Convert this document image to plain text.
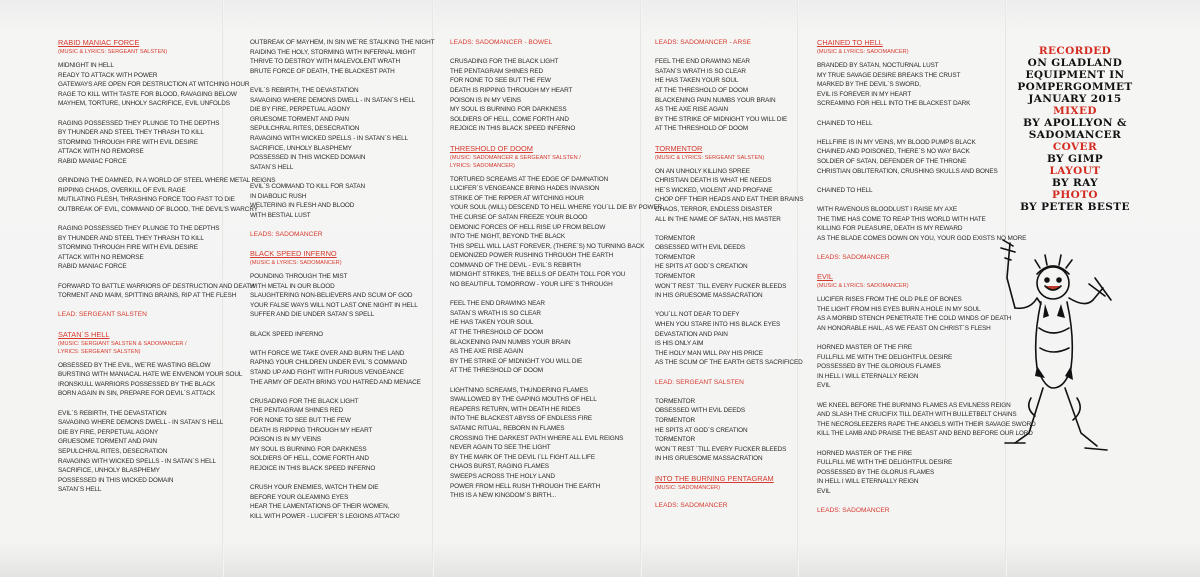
RABID MANIAC FORCE
(MUSIC & LYRICS: SERGEANT SALSTEN)
MIDNIGHT IN HELL
READY TO ATTACK WITH POWER
GATEWAYS ARE OPEN FOR DESTRUCTION AT WITCHING HOUR
RAGE TO KILL WITH TASTE FOR BLOOD, RAVAGING BELOW
MAYHEM, TORTURE, UNHOLY SACRIFICE, EVIL UNFOLDS
RAGING POSSESSED THEY PLUNGE TO THE DEPTHS
BY THUNDER AND STEEL THEY THRASH TO KILL
STORMING THROUGH FIRE WITH EVIL DESIRE
ATTACK WITH NO REMORSE
RABID MANIAC FORCE
GRINDING THE DAMNED, IN A WORLD OF STEEL WHERE METAL REIGNS
RIPPING CHAOS, OVERKILL OF EVIL RAGE
MUTILATING FLESH, THRASHING FORCE TOO FAST TO DIE
OUTBREAK OF EVIL, COMMAND OF BLOOD, THE DEVIL'S WARCRY
RAGING POSSESSED THEY PLUNGE TO THE DEPTHS
BY THUNDER AND STEEL THEY THRASH TO KILL
STORMING THROUGH FIRE WITH EVIL DESIRE
ATTACK WITH NO REMORSE
RABID MANIAC FORCE
FORWARD TO BATTLE WARRIORS OF DESTRUCTION AND DEATH
TORMENT AND MAIM, SPITTING BRAINS, RIP AT THE FLESH
LEAD: SERGEANT SALSTEN
SATAN´S HELL
(MUSIC: SERGIANT SALSTEN & SADOMANCER /
LYRICS: SERGEANT SALSTEN)
OBSESSED BY THE EVIL, WE´RE WASTING BELOW
BURSTING WITH MANIACAL HATE WE ENVENOM YOUR SOUL
IRONSKULL WARRIORS POSSESSED BY THE BLACK
BORN AGAIN IN SIN, PREPARE FOR DEVIL´S ATTACK
EVIL´S REBIRTH, THE DEVASTATION
SAVAGING WHERE DEMONS DWELL - IN SATAN´S HELL
DIE BY FIRE, PERPETUAL AGONY
GRUESOME TORMENT AND PAIN
SEPULCHRAL RITES, DESECRATION
RAVAGING WITH WICKED SPELLS - IN SATAN´S HELL
SACRIFICE, UNHOLY BLASPHEMY
POSSESSED IN THIS WICKED DOMAIN
SATAN´S HELL
OUTBREAK OF MAYHEM, IN SIN WE´RE STALKING THE NIGHT
RAIDING THE HOLY, STORMING WITH INFERNAL MIGHT
THRIVE TO DESTROY WITH MALEVOLENT WRATH
BRUTE FORCE OF DEATH, THE BLACKEST PATH
EVIL´S REBIRTH, THE DEVASTATION
SAVAGING WHERE DEMONS DWELL - IN SATAN´S HELL
DIE BY FIRE, PERPETUAL AGONY
GRUESOME TORMENT AND PAIN
SEPULCHRAL RITES, DESECRATION
RAVAGING WITH WICKED SPELLS - IN SATAN´S HELL
SACRIFICE, UNHOLY BLASPHEMY
POSSESSED IN THIS WICKED DOMAIN
SATAN´S HELL
EVIL´S COMMAND TO KILL FOR SATAN
IN DIABOLIC RUSH
WELTERING IN FLESH AND BLOOD
WITH BESTIAL LUST
LEADS: SADOMANCER
BLACK SPEED INFERNO
(MUSIC & LYRICS: SADOMANCER)
POUNDING THROUGH THE MIST
WITH METAL IN OUR BLOOD
SLAUGHTERING NON-BELIEVERS AND SCUM OF GOD
YOUR FALSE WAYS WILL NOT LAST ONE NIGHT IN HELL
SUFFER AND DIE UNDER SATAN´S SPELL
BLACK SPEED INFERNO
WITH FORCE WE TAKE OVER AND BURN THE LAND
RAPING YOUR CHILDREN UNDER EVIL´S COMMAND
STAND UP AND FIGHT WITH FURIOUS VENGEANCE
THE ARMY OF DEATH BRING YOU HATRED AND MENACE
CRUSADING FOR THE BLACK LIGHT
THE PENTAGRAM SHINES RED
FOR NONE TO SEE BUT THE FEW
DEATH IS RIPPING THROUGH MY HEART
POISON IS IN MY VEINS
MY SOUL IS BURNING FOR DARKNESS
SOLDIERS OF HELL, COME FORTH AND
REJOICE IN THIS BLACK SPEED INFERNO
CRUSH YOUR ENEMIES, WATCH THEM DIE
BEFORE YOUR GLEAMING EYES
HEAR THE LAMENTATIONS OF THEIR WOMEN,
KILL WITH POWER - LUCIFER´S LEGIONS ATTACK!
LEADS: SADOMANCER - BOWEL
CRUSADING FOR THE BLACK LIGHT
THE PENTAGRAM SHINES RED
FOR NONE TO SEE BUT THE FEW
DEATH IS RIPPING THROUGH MY HEART
POISON IS IN MY VEINS
MY SOUL IS BURNING FOR DARKNESS
SOLDIERS OF HELL, COME FORTH AND
REJOICE IN THIS BLACK SPEED INFERNO
THRESHOLD OF DOOM
(MUSIC: SADOMANCER & SERGEANT SALSTEN /
LYRICS: SADOMANCER)
TORTURED SCREAMS AT THE EDGE OF DAMNATION
LUCIFER´S VENGEANCE BRING HADES INVASION
STRIKE OF THE RIPPER AT WITCHING HOUR
YOUR SOUL (WILL) DESCEND TO HELL WHERE YOU´LL DIE BY POWER
THE CURSE OF SATAN FREEZE YOUR BLOOD
DEMONIC FORCES OF HELL RISE UP FROM BELOW
INTO THE NIGHT, BEYOND THE BLACK
THIS SPELL WILL LAST FOREVER, (THERE´S) NO TURNING BACK
DEMONIZED POWER RUSHING THROUGH THE EARTH
COMMAND OF THE DEVIL - EVIL´S REBIRTH
MIDNIGHT STRIKES, THE BELLS OF DEATH TOLL FOR YOU
NO BEAUTIFUL TOMORROW - YOUR LIFE´S THROUGH
FEEL THE END DRAWING NEAR
SATAN´S WRATH IS SO CLEAR
HE HAS TAKEN YOUR SOUL
AT THE THRESHOLD OF DOOM
BLACKENING PAIN NUMBS YOUR BRAIN
AS THE AXE RISE AGAIN
BY THE STRIKE OF MIDNIGHT YOU WILL DIE
AT THE THRESHOLD OF DOOM
LIGHTNING SCREAMS, THUNDERING FLAMES
SWALLOWED BY THE GAPING MOUTHS OF HELL
REAPERS RETURN, WITH DEATH HE RIDES
INTO THE BLACKEST ABYSS OF ENDLESS FIRE
SATANIC RITUAL, REBORN IN FLAMES
CROSSING THE DARKEST PATH WHERE ALL EVIL REIGNS
NEVER AGAIN TO SEE THE LIGHT
BY THE MARK OF THE DEVIL I´LL FIGHT ALL LIFE
CHAOS BURST, RAGING FLAMES
SWEEPS ACROSS THE HOLY LAND
POWER FROM HELL RUSH THROUGH THE EARTH
THIS IS A NEW KINGDOM´S BIRTH...
LEADS: SADOMANCER - ARSE
FEEL THE END DRAWING NEAR
SATAN´S WRATH IS SO CLEAR
HE HAS TAKEN YOUR SOUL
AT THE THRESHOLD OF DOOM
BLACKENING PAIN NUMBS YOUR BRAIN
AS THE AXE RISE AGAIN
BY THE STRIKE OF MIDNIGHT YOU WILL DIE
AT THE THRESHOLD OF DOOM
TORMENTOR
(MUSIC & LYRICS: SERGEANT SALSTEN)
ON AN UNHOLY KILLING SPREE
CHRISTIAN DEATH IS WHAT HE NEEDS
HE´S WICKED, VIOLENT AND PROFANE
CHOP OFF THEIR HEADS AND EAT THEIR BRAINS
CHAOS, TERROR, ENDLESS DISASTER
ALL IN THE NAME OF SATAN, HIS MASTER
TORMENTOR
OBSESSED WITH EVIL DEEDS
TORMENTOR
HE SPITS AT GOD´S CREATION
TORMENTOR
WON´T REST ´TILL EVERY FUCKER BLEEDS
IN HIS GRUESOME MASSACRATION
YOU´LL NOT DEAR TO DEFY
WHEN YOU STARE INTO HIS BLACK EYES
DEVASTATION AND PAIN
IS HIS ONLY AIM
THE HOLY MAN WILL PAY HIS PRICE
AS THE SCUM OF THE EARTH GETS SACRIFICED
LEAD: SERGEANT SALSTEN
TORMENTOR
OBSESSED WITH EVIL DEEDS
TORMENTOR
HE SPITS AT GOD´S CREATION
TORMENTOR
WON´T REST ´TILL EVERY FUCKER BLEEDS
IN HIS GRUESOME MASSACRATION
INTO THE BURNING PENTAGRAM
(MUSIC: SADOMANCER)
LEADS: SADOMANCER
CHAINED TO HELL
(MUSIC & LYRICS: SADOMANCER)
BRANDED BY SATAN, NOCTURNAL LUST
MY TRUE SAVAGE DESIRE BREAKS THE CRUST
MARKED BY THE DEVIL´S SWORD,
EVIL IS FOREVER IN MY HEART
SCREAMING FOR HELL INTO THE BLACKEST DARK
CHAINED TO HELL
HELLFIRE IS IN MY VEINS, MY BLOOD PUMPS BLACK
CHAINED AND POISONED, THERE´S NO WAY BACK
SOLDIER OF SATAN, DEFENDER OF THE THRONE
CHRISTIAN OBLITERATION, CRUSHING SKULLS AND BONES
CHAINED TO HELL
WITH RAVENOUS BLOODLUST I RAISE MY AXE
THE TIME HAS COME TO REAP THIS WORLD WITH HATE
KILLING FOR PLEASURE, DEATH IS MY REWARD
AS THE BLADE COMES DOWN ON YOU, YOUR GOD EXISTS NO MORE
LEADS: SADOMANCER
EVIL
(MUSIC & LYRICS: SADOMANCER)
LUCIFER RISES FROM THE OLD PILE OF BONES
THE LIGHT FROM HIS EYES BURN A HOLE IN MY SOUL
AS A MORBID STENCH PENETRATE THE COLD WINDS OF DEATH
AN HONORABLE HAIL, AS WE FEAST ON CHRIST´S FLESH
HORNED MASTER OF THE FIRE
FULLFILL ME WITH THE DELIGHTFUL DESIRE
POSSESSED BY THE GLORIOUS FLAMES
IN HELL I WILL ETERNALLY REIGN
EVIL
WE KNEEL BEFORE THE BURNING FLAMES AS EVILNESS REIGN
AND SLASH THE CRUCIFIX TILL DEATH WITH BULLETBELT CHAINS
THE NECROSLEEZERS RAPE THE ANGELS WITH THEIR SAVAGE SWORD
KILL THE LAMB AND PRAISE THE BEAST AND BEND BEFORE OUR LORD
HORNED MASTER OF THE FIRE
FULLFILL ME WITH THE DELIGHTFUL DESIRE
POSSESSED BY THE GLORUS FLAMES
IN HELL I WILL ETERNALLY REIGN
EVIL
LEADS: SADOMANCER
RECORDED
ON GLADLAND
EQUIPMENT IN
POMPERGOMMET
JANUARY 2015
MIXED
BY APOLLYON &
SADOMANCER
COVER
BY GIMP
LAYOUT
BY RAY
PHOTO
BY PETER BESTE
